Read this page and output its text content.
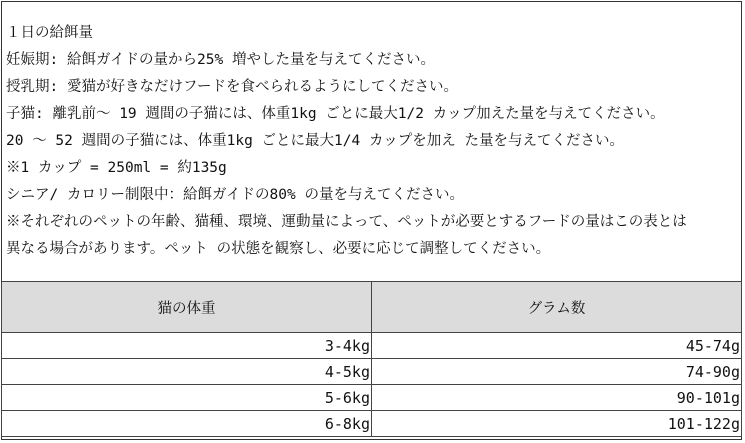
１日の給餌量
妊娠期: 給餌ガイドの量から25% 増やした量を与えてください。
授乳期: 愛猫が好きなだけフードを食べられるようにしてください。
子猫: 離乳前〜 19 週間の子猫には、体重1kg ごとに最大1/2 カップ加えた量を与えてください。
20 〜 52 週間の子猫には、体重1kg ごとに最大1/4 カップを加え た量を与えてください。
※1 カップ = 250ml = 約135g
シニア/ カロリー制限中：給餌ガイドの80% の量を与えてください。
※それぞれのペットの年齢、猫種、環境、運動量によって、ペットが必要とするフードの量はこの表とは
異なる場合があります。ペット の状態を観察し、必要に応じて調整してください。
猫の体重	グラム数
3-4kg	45-74g
4-5kg	74-90g
5-6kg	90-101g
6-8kg	101-122g
